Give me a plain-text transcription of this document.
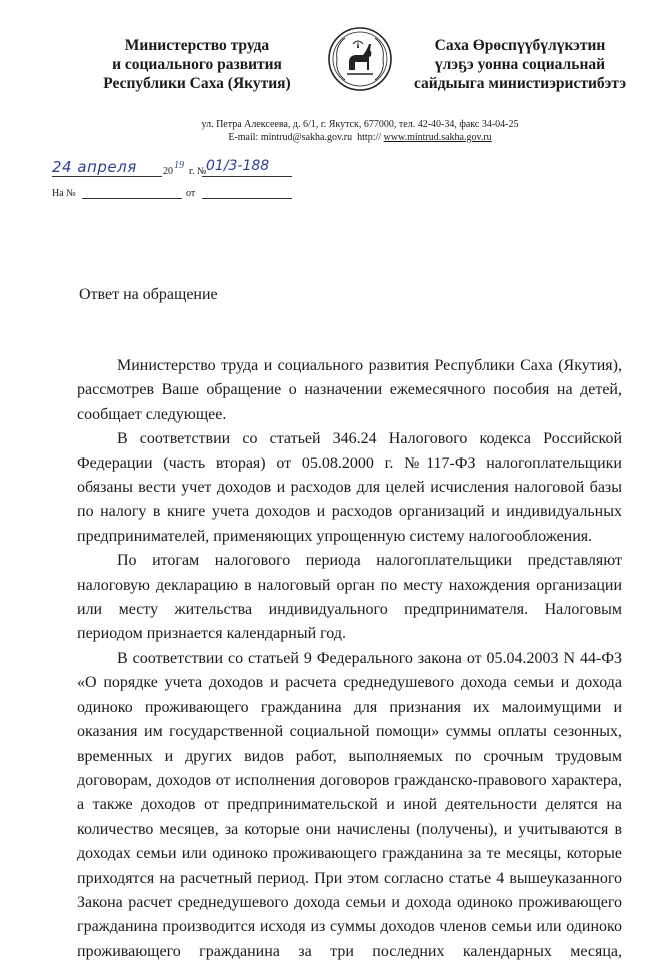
Министерство труда
и социального развития
Республики Саха (Якутия)
Саха Өрөспүүбүлүкэтин
үлэҕэ уонна социальнай
сайдыыга министиэристибэтэ
ул. Петра Алексеева, д. 6/1, г. Якутск, 677000, тел. 42-40-34, факс 34-04-25
E-mail: mintrud@sakha.gov.ru http:// www.mintrud.sakha.gov.ru
24 апреля	20
19
г. № 01/3-188
На №	от
Ответ на обращение

Министерство труда и социального развития Республики Саха (Якутия), рассмотрев Ваше обращение о назначении ежемесячного пособия на детей, сообщает следующее.

В соответствии со статьей 346.24 Налогового кодекса Российской Федерации (часть вторая) от 05.08.2000 г. №117-ФЗ налогоплательщики обязаны вести учет доходов и расходов для целей исчисления налоговой базы по налогу в книге учета доходов и расходов организаций и индивидуальных предпринимателей, применяющих упрощенную систему налогообложения.

По итогам налогового периода налогоплательщики представляют налоговую декларацию в налоговый орган по месту нахождения организации или месту жительства индивидуального предпринимателя. Налоговым периодом признается календарный год.

В соответствии со статьей 9 Федерального закона от 05.04.2003 N 44-ФЗ «О порядке учета доходов и расчета среднедушевого дохода семьи и дохода одиноко проживающего гражданина для признания их малоимущими и оказания им государственной социальной помощи» суммы оплаты сезонных, временных и других видов работ, выполняемых по срочным трудовым договорам, доходов от исполнения договоров гражданско-правового характера, а также доходов от предпринимательской и иной деятельности делятся на количество месяцев, за которые они начислены (получены), и учитываются в доходах семьи или одиноко проживающего гражданина за те месяцы, которые приходятся на расчетный период. При этом согласно статье 4 вышеуказанного Закона расчет среднедушевого дохода семьи и дохода одиноко проживающего гражданина производится исходя из суммы доходов членов семьи или одиноко проживающего гражданина за три последних календарных месяца,
